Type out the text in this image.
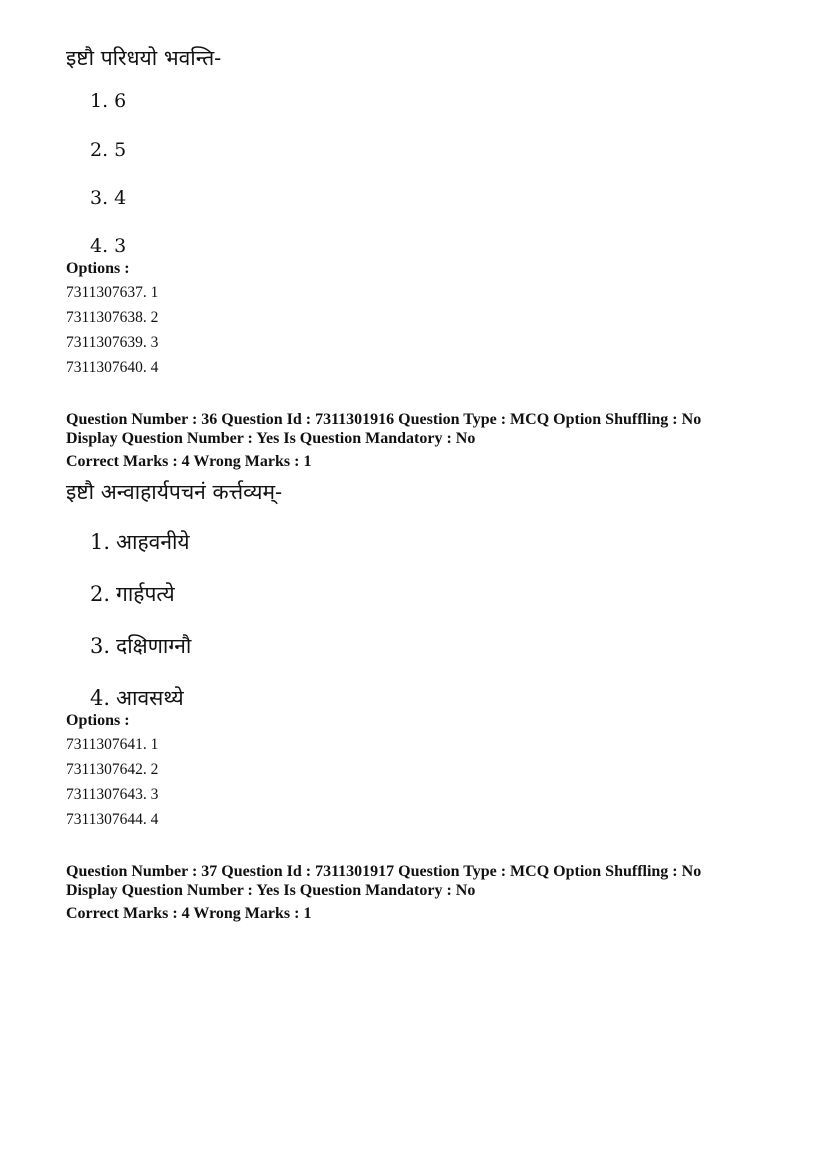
इष्टौ परिधयो भवन्ति-
1. 6
2. 5
3. 4
4. 3
Options :
7311307637. 1
7311307638. 2
7311307639. 3
7311307640. 4
Question Number : 36 Question Id : 7311301916 Question Type : MCQ Option Shuffling : No
Display Question Number : Yes Is Question Mandatory : No
Correct Marks : 4 Wrong Marks : 1
इष्टौ अन्वाहार्यपचनं कर्त्तव्यम्-
1. आहवनीये
2. गार्हपत्ये
3. दक्षिणाग्नौ
4. आवसथ्ये
Options :
7311307641. 1
7311307642. 2
7311307643. 3
7311307644. 4
Question Number : 37 Question Id : 7311301917 Question Type : MCQ Option Shuffling : No
Display Question Number : Yes Is Question Mandatory : No
Correct Marks : 4 Wrong Marks : 1
